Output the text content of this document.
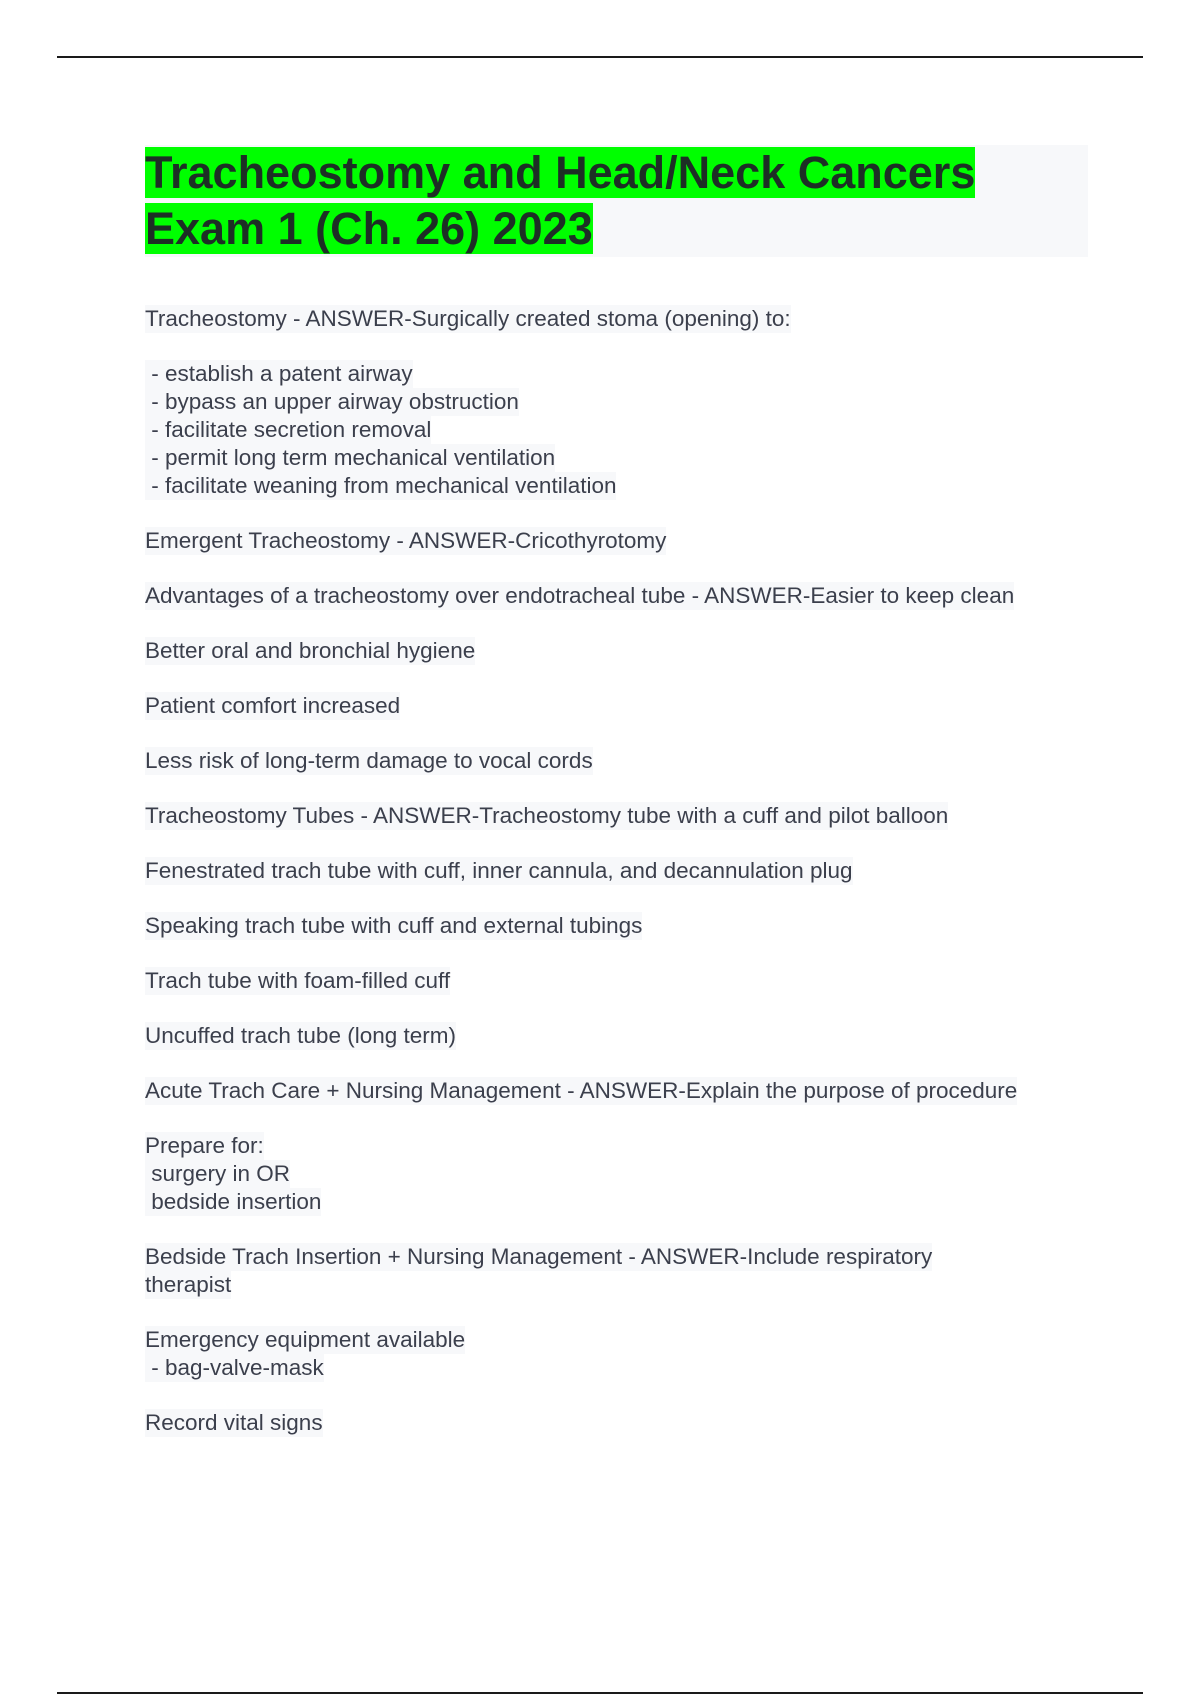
Tracheostomy and Head/Neck Cancers
Exam 1 (Ch. 26) 2023
Tracheostomy - ANSWER-Surgically created stoma (opening) to:
- establish a patent airway
- bypass an upper airway obstruction
- facilitate secretion removal
- permit long term mechanical ventilation
- facilitate weaning from mechanical ventilation
Emergent Tracheostomy - ANSWER-Cricothyrotomy
Advantages of a tracheostomy over endotracheal tube - ANSWER-Easier to keep clean
Better oral and bronchial hygiene
Patient comfort increased
Less risk of long-term damage to vocal cords
Tracheostomy Tubes - ANSWER-Tracheostomy tube with a cuff and pilot balloon
Fenestrated trach tube with cuff, inner cannula, and decannulation plug
Speaking trach tube with cuff and external tubings
Trach tube with foam-filled cuff
Uncuffed trach tube (long term)
Acute Trach Care + Nursing Management - ANSWER-Explain the purpose of procedure
Prepare for:
surgery in OR
bedside insertion
Bedside Trach Insertion + Nursing Management - ANSWER-Include respiratory
therapist
Emergency equipment available
- bag-valve-mask
Record vital signs
